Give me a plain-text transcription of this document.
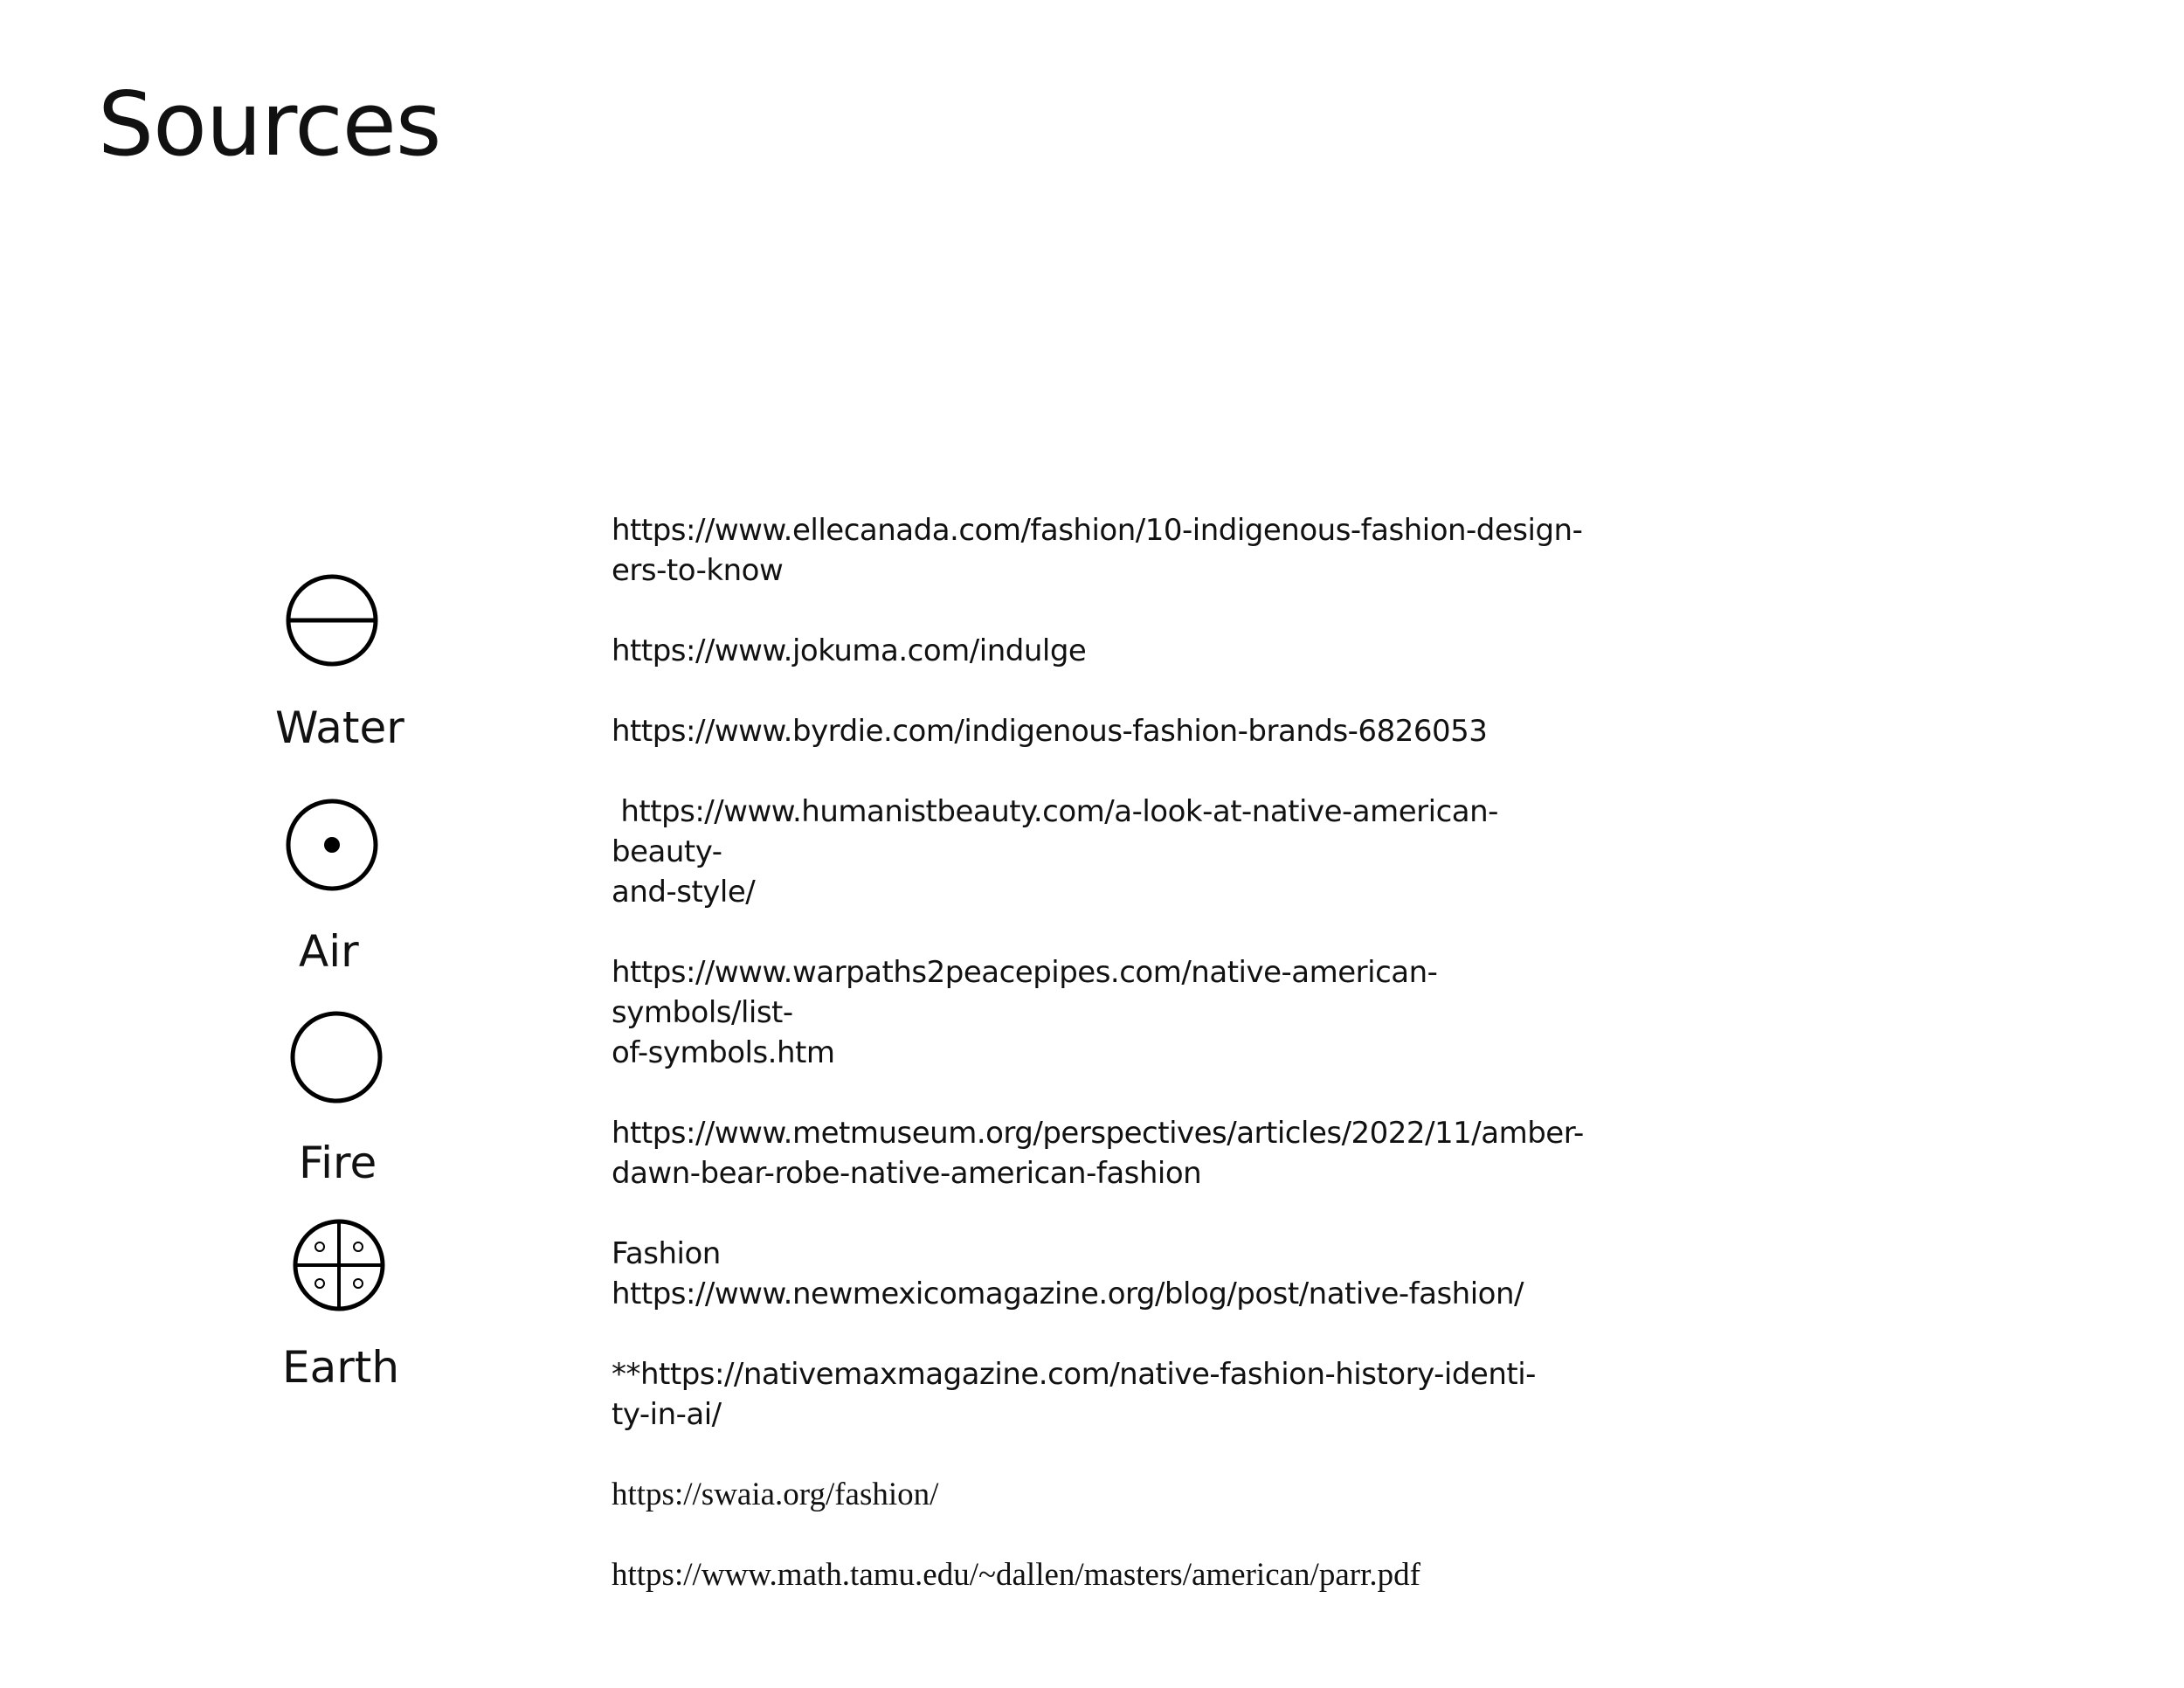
Sources
Water
Air
Fire
Earth
https://www.ellecanada.com/fashion/10-indigenous-fashion-design-
ers-to-know
https://www.jokuma.com/indulge
https://www.byrdie.com/indigenous-fashion-brands-6826053
https://www.humanistbeauty.com/a-look-at-native-american-beauty-
and-style/
https://www.warpaths2peacepipes.com/native-american-symbols/list-
of-symbols.htm
https://www.metmuseum.org/perspectives/articles/2022/11/amber-
dawn-bear-robe-native-american-fashion
Fashion
https://www.newmexicomagazine.org/blog/post/native-fashion/
**https://nativemaxmagazine.com/native-fashion-history-identi-
ty-in-ai/
https://swaia.org/fashion/
https://www.math.tamu.edu/~dallen/masters/american/parr.pdf
